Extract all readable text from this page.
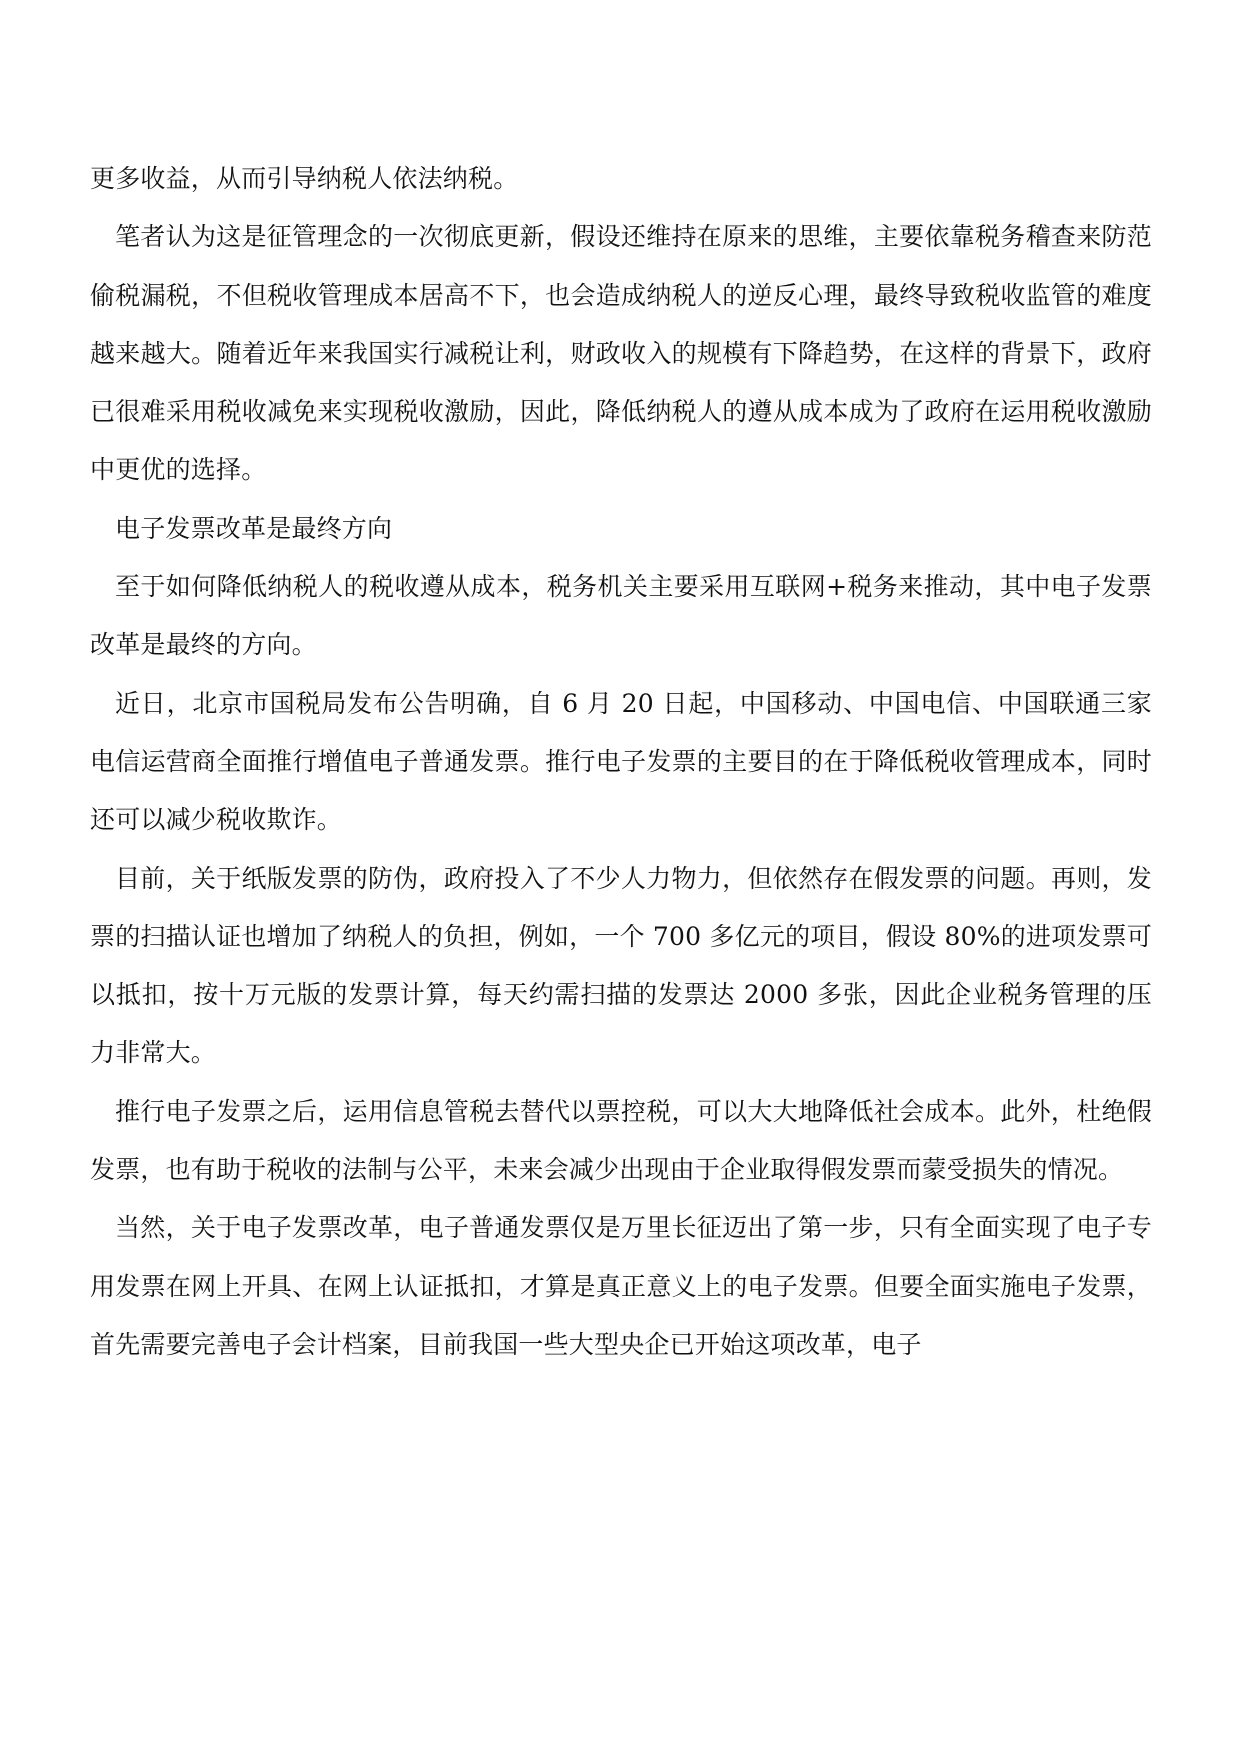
更多收益，从而引导纳税人依法纳税。

笔者认为这是征管理念的一次彻底更新，假设还维持在原来的思维，主要依靠税务稽查来防范偷税漏税，不但税收管理成本居高不下，也会造成纳税人的逆反心理，最终导致税收监管的难度越来越大。随着近年来我国实行减税让利，财政收入的规模有下降趋势，在这样的背景下，政府已很难采用税收减免来实现税收激励，因此，降低纳税人的遵从成本成为了政府在运用税收激励中更优的选择。

电子发票改革是最终方向

至于如何降低纳税人的税收遵从成本，税务机关主要采用互联网+税务来推动，其中电子发票改革是最终的方向。

近日，北京市国税局发布公告明确，自 6 月 20 日起，中国移动、中国电信、中国联通三家电信运营商全面推行增值电子普通发票。推行电子发票的主要目的在于降低税收管理成本，同时还可以减少税收欺诈。

目前，关于纸版发票的防伪，政府投入了不少人力物力，但依然存在假发票的问题。再则，发票的扫描认证也增加了纳税人的负担，例如，一个 700 多亿元的项目，假设 80%的进项发票可以抵扣，按十万元版的发票计算，每天约需扫描的发票达 2000 多张，因此企业税务管理的压力非常大。

推行电子发票之后，运用信息管税去替代以票控税，可以大大地降低社会成本。此外，杜绝假发票，也有助于税收的法制与公平，未来会减少出现由于企业取得假发票而蒙受损失的情况。

当然，关于电子发票改革，电子普通发票仅是万里长征迈出了第一步，只有全面实现了电子专用发票在网上开具、在网上认证抵扣，才算是真正意义上的电子发票。但要全面实施电子发票，首先需要完善电子会计档案，目前我国一些大型央企已开始这项改革，电子
